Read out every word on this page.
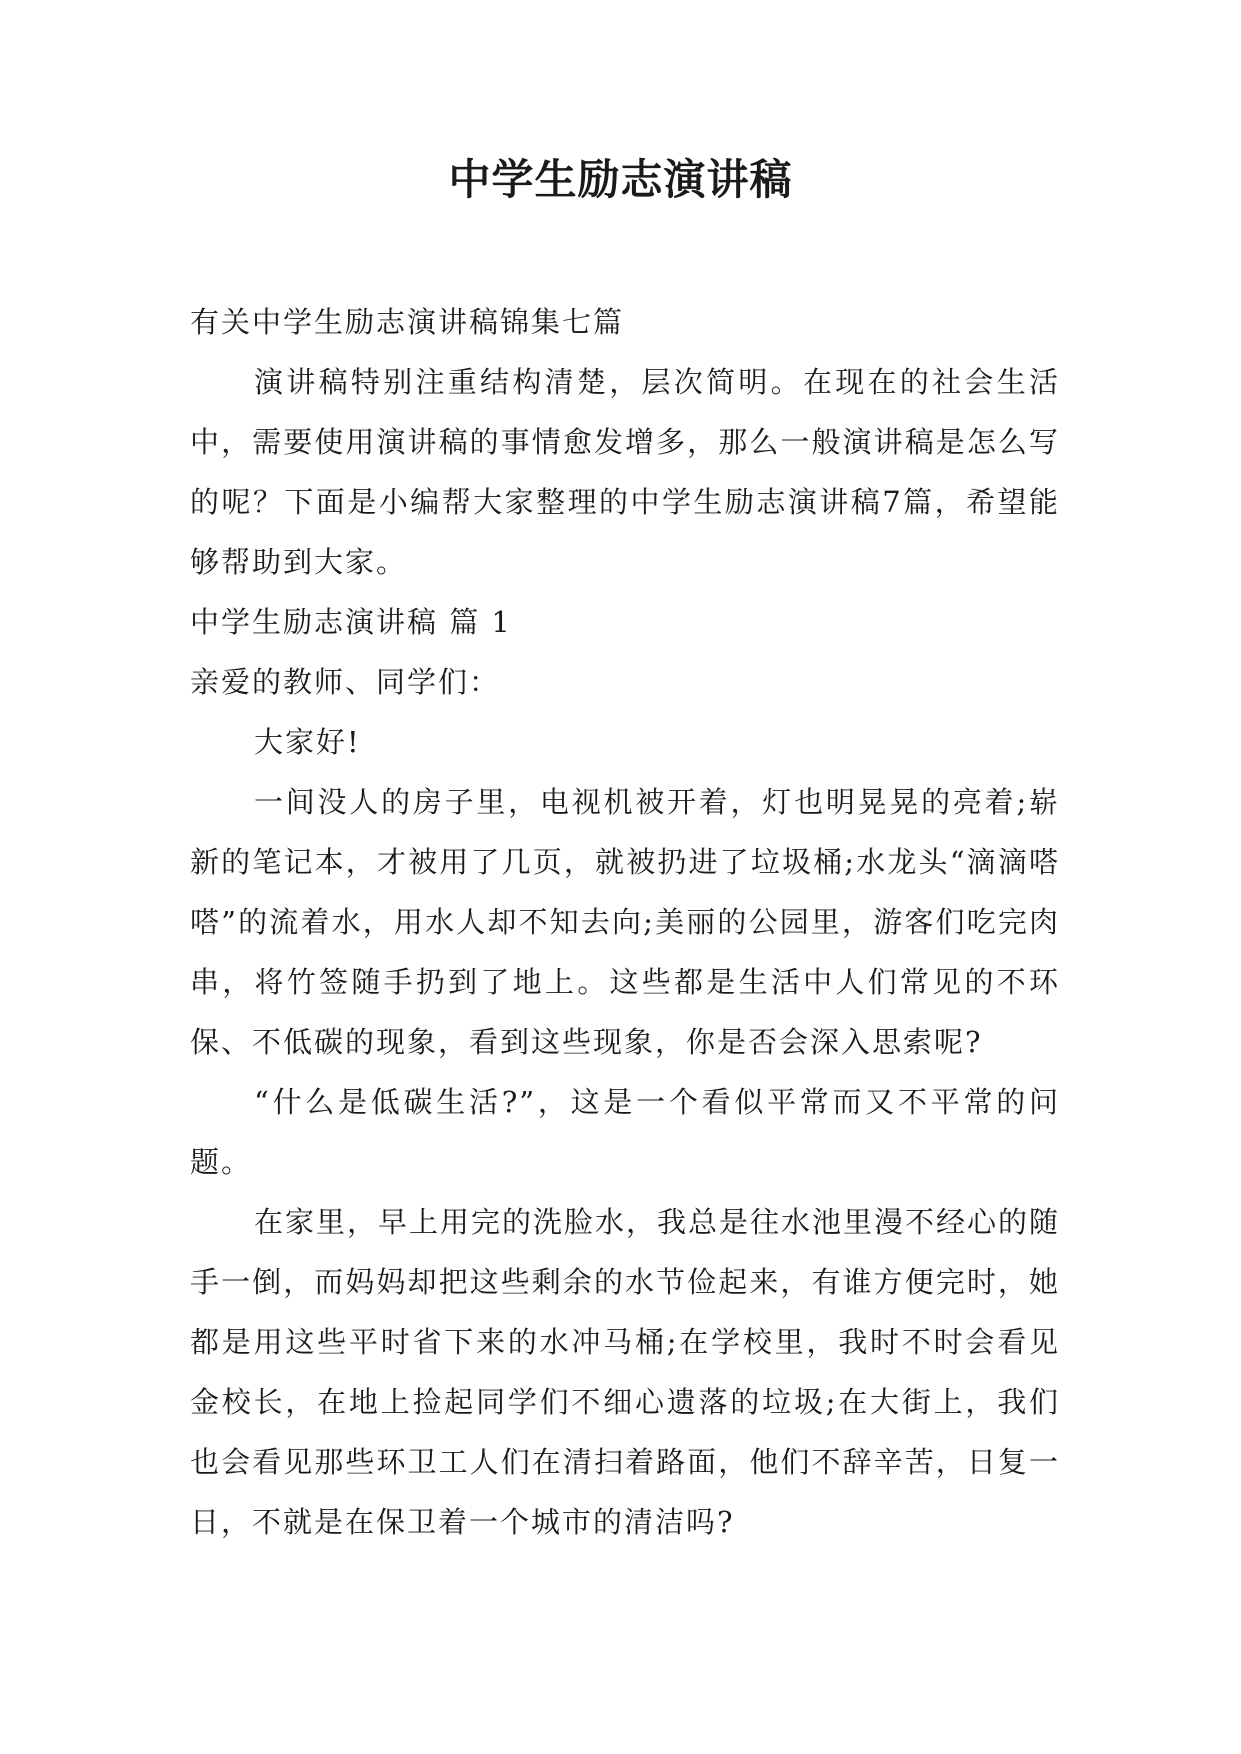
中学生励志演讲稿

有关中学生励志演讲稿锦集七篇

演讲稿特别注重结构清楚，层次简明。在现在的社会生活中，需要使用演讲稿的事情愈发增多，那么一般演讲稿是怎么写的呢？下面是小编帮大家整理的中学生励志演讲稿7篇，希望能够帮助到大家。

中学生励志演讲稿 篇 1

亲爱的教师、同学们：

大家好!

一间没人的房子里，电视机被开着，灯也明晃晃的亮着;崭新的笔记本，才被用了几页，就被扔进了垃圾桶;水龙头“滴滴嗒嗒”的流着水，用水人却不知去向;美丽的公园里，游客们吃完肉串，将竹签随手扔到了地上。这些都是生活中人们常见的不环保、不低碳的现象，看到这些现象，你是否会深入思索呢?

“什么是低碳生活?”，这是一个看似平常而又不平常的问题。

在家里，早上用完的洗脸水，我总是往水池里漫不经心的随手一倒，而妈妈却把这些剩余的水节俭起来，有谁方便完时，她都是用这些平时省下来的水冲马桶;在学校里，我时不时会看见金校长，在地上捡起同学们不细心遗落的垃圾;在大街上，我们也会看见那些环卫工人们在清扫着路面，他们不辞辛苦，日复一日，不就是在保卫着一个城市的清洁吗?
